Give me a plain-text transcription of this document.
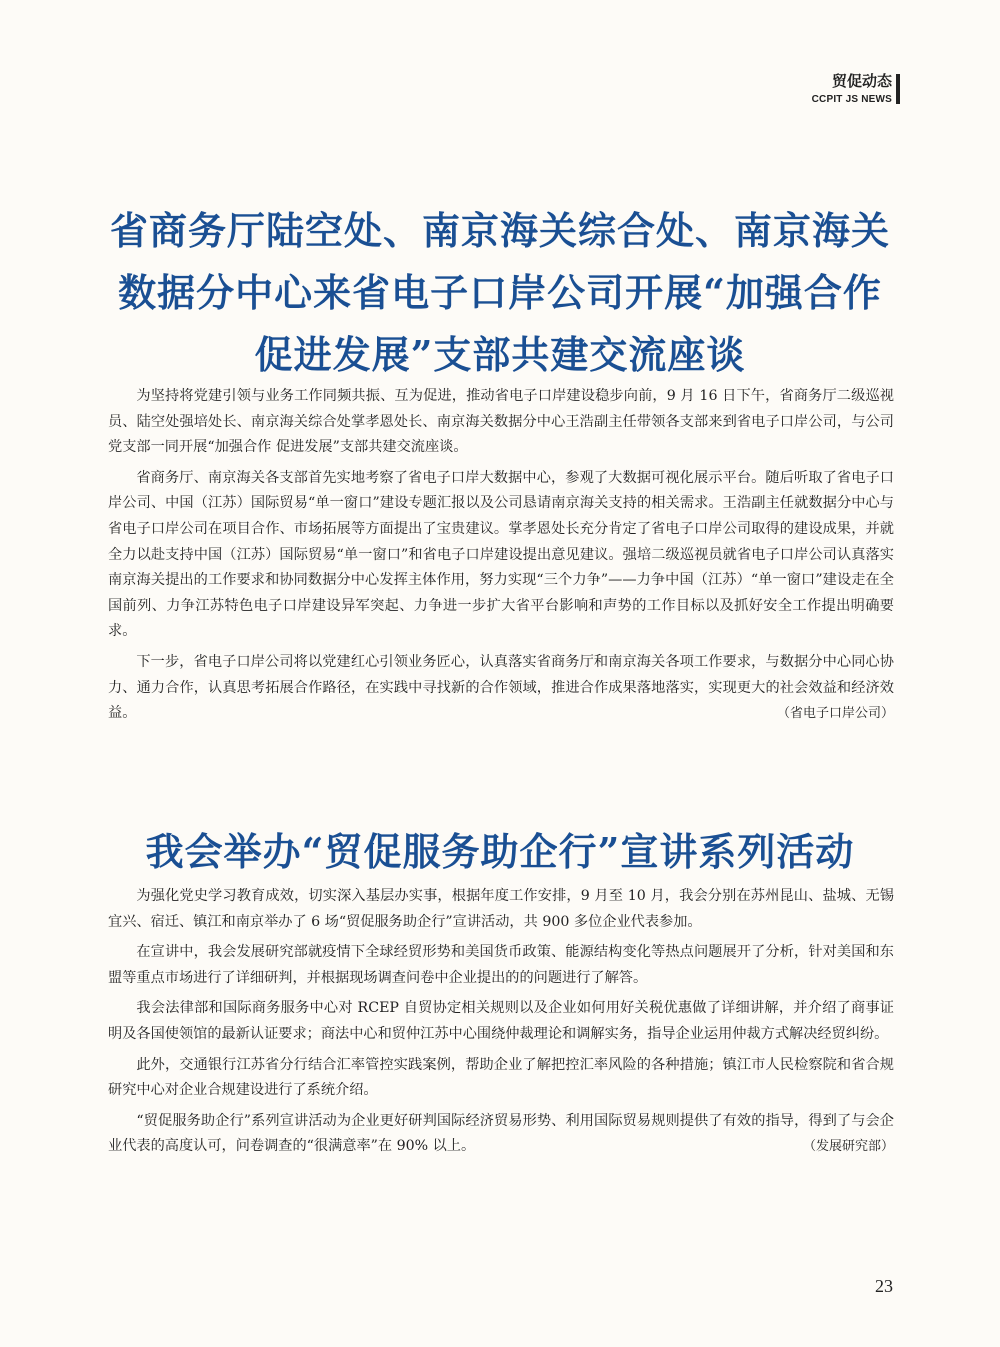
贸促动态
CCPIT JS NEWS
省商务厅陆空处、南京海关综合处、南京海关
数据分中心来省电子口岸公司开展“加强合作
促进发展”支部共建交流座谈

为坚持将党建引领与业务工作同频共振、互为促进，推动省电子口岸建设稳步向前，9 月 16 日下午，省商务厅二级巡视员、陆空处强培处长、南京海关综合处掌孝恩处长、南京海关数据分中心王浩副主任带领各支部来到省电子口岸公司，与公司党支部一同开展“加强合作 促进发展”支部共建交流座谈。

省商务厅、南京海关各支部首先实地考察了省电子口岸大数据中心，参观了大数据可视化展示平台。随后听取了省电子口岸公司、中国（江苏）国际贸易“单一窗口”建设专题汇报以及公司恳请南京海关支持的相关需求。王浩副主任就数据分中心与省电子口岸公司在项目合作、市场拓展等方面提出了宝贵建议。掌孝恩处长充分肯定了省电子口岸公司取得的建设成果，并就全力以赴支持中国（江苏）国际贸易“单一窗口”和省电子口岸建设提出意见建议。强培二级巡视员就省电子口岸公司认真落实南京海关提出的工作要求和协同数据分中心发挥主体作用，努力实现“三个力争”——力争中国（江苏）“单一窗口”建设走在全国前列、力争江苏特色电子口岸建设异军突起、力争进一步扩大省平台影响和声势的工作目标以及抓好安全工作提出明确要求。

下一步，省电子口岸公司将以党建红心引领业务匠心，认真落实省商务厅和南京海关各项工作要求，与数据分中心同心协力、通力合作，认真思考拓展合作路径，在实践中寻找新的合作领域，推进合作成果落地落实，实现更大的社会效益和经济效益。	（省电子口岸公司）

我会举办“贸促服务助企行”宣讲系列活动

为强化党史学习教育成效，切实深入基层办实事，根据年度工作安排，9 月至 10 月，我会分别在苏州昆山、盐城、无锡宜兴、宿迁、镇江和南京举办了 6 场“贸促服务助企行”宣讲活动，共 900 多位企业代表参加。

在宣讲中，我会发展研究部就疫情下全球经贸形势和美国货币政策、能源结构变化等热点问题展开了分析，针对美国和东盟等重点市场进行了详细研判，并根据现场调查问卷中企业提出的的问题进行了解答。

我会法律部和国际商务服务中心对 RCEP 自贸协定相关规则以及企业如何用好关税优惠做了详细讲解，并介绍了商事证明及各国使领馆的最新认证要求；商法中心和贸仲江苏中心围绕仲裁理论和调解实务，指导企业运用仲裁方式解决经贸纠纷。

此外，交通银行江苏省分行结合汇率管控实践案例，帮助企业了解把控汇率风险的各种措施；镇江市人民检察院和省合规研究中心对企业合规建设进行了系统介绍。

“贸促服务助企行”系列宣讲活动为企业更好研判国际经济贸易形势、利用国际贸易规则提供了有效的指导，得到了与会企业代表的高度认可，问卷调查的“很满意率”在 90% 以上。	（发展研究部）

23
